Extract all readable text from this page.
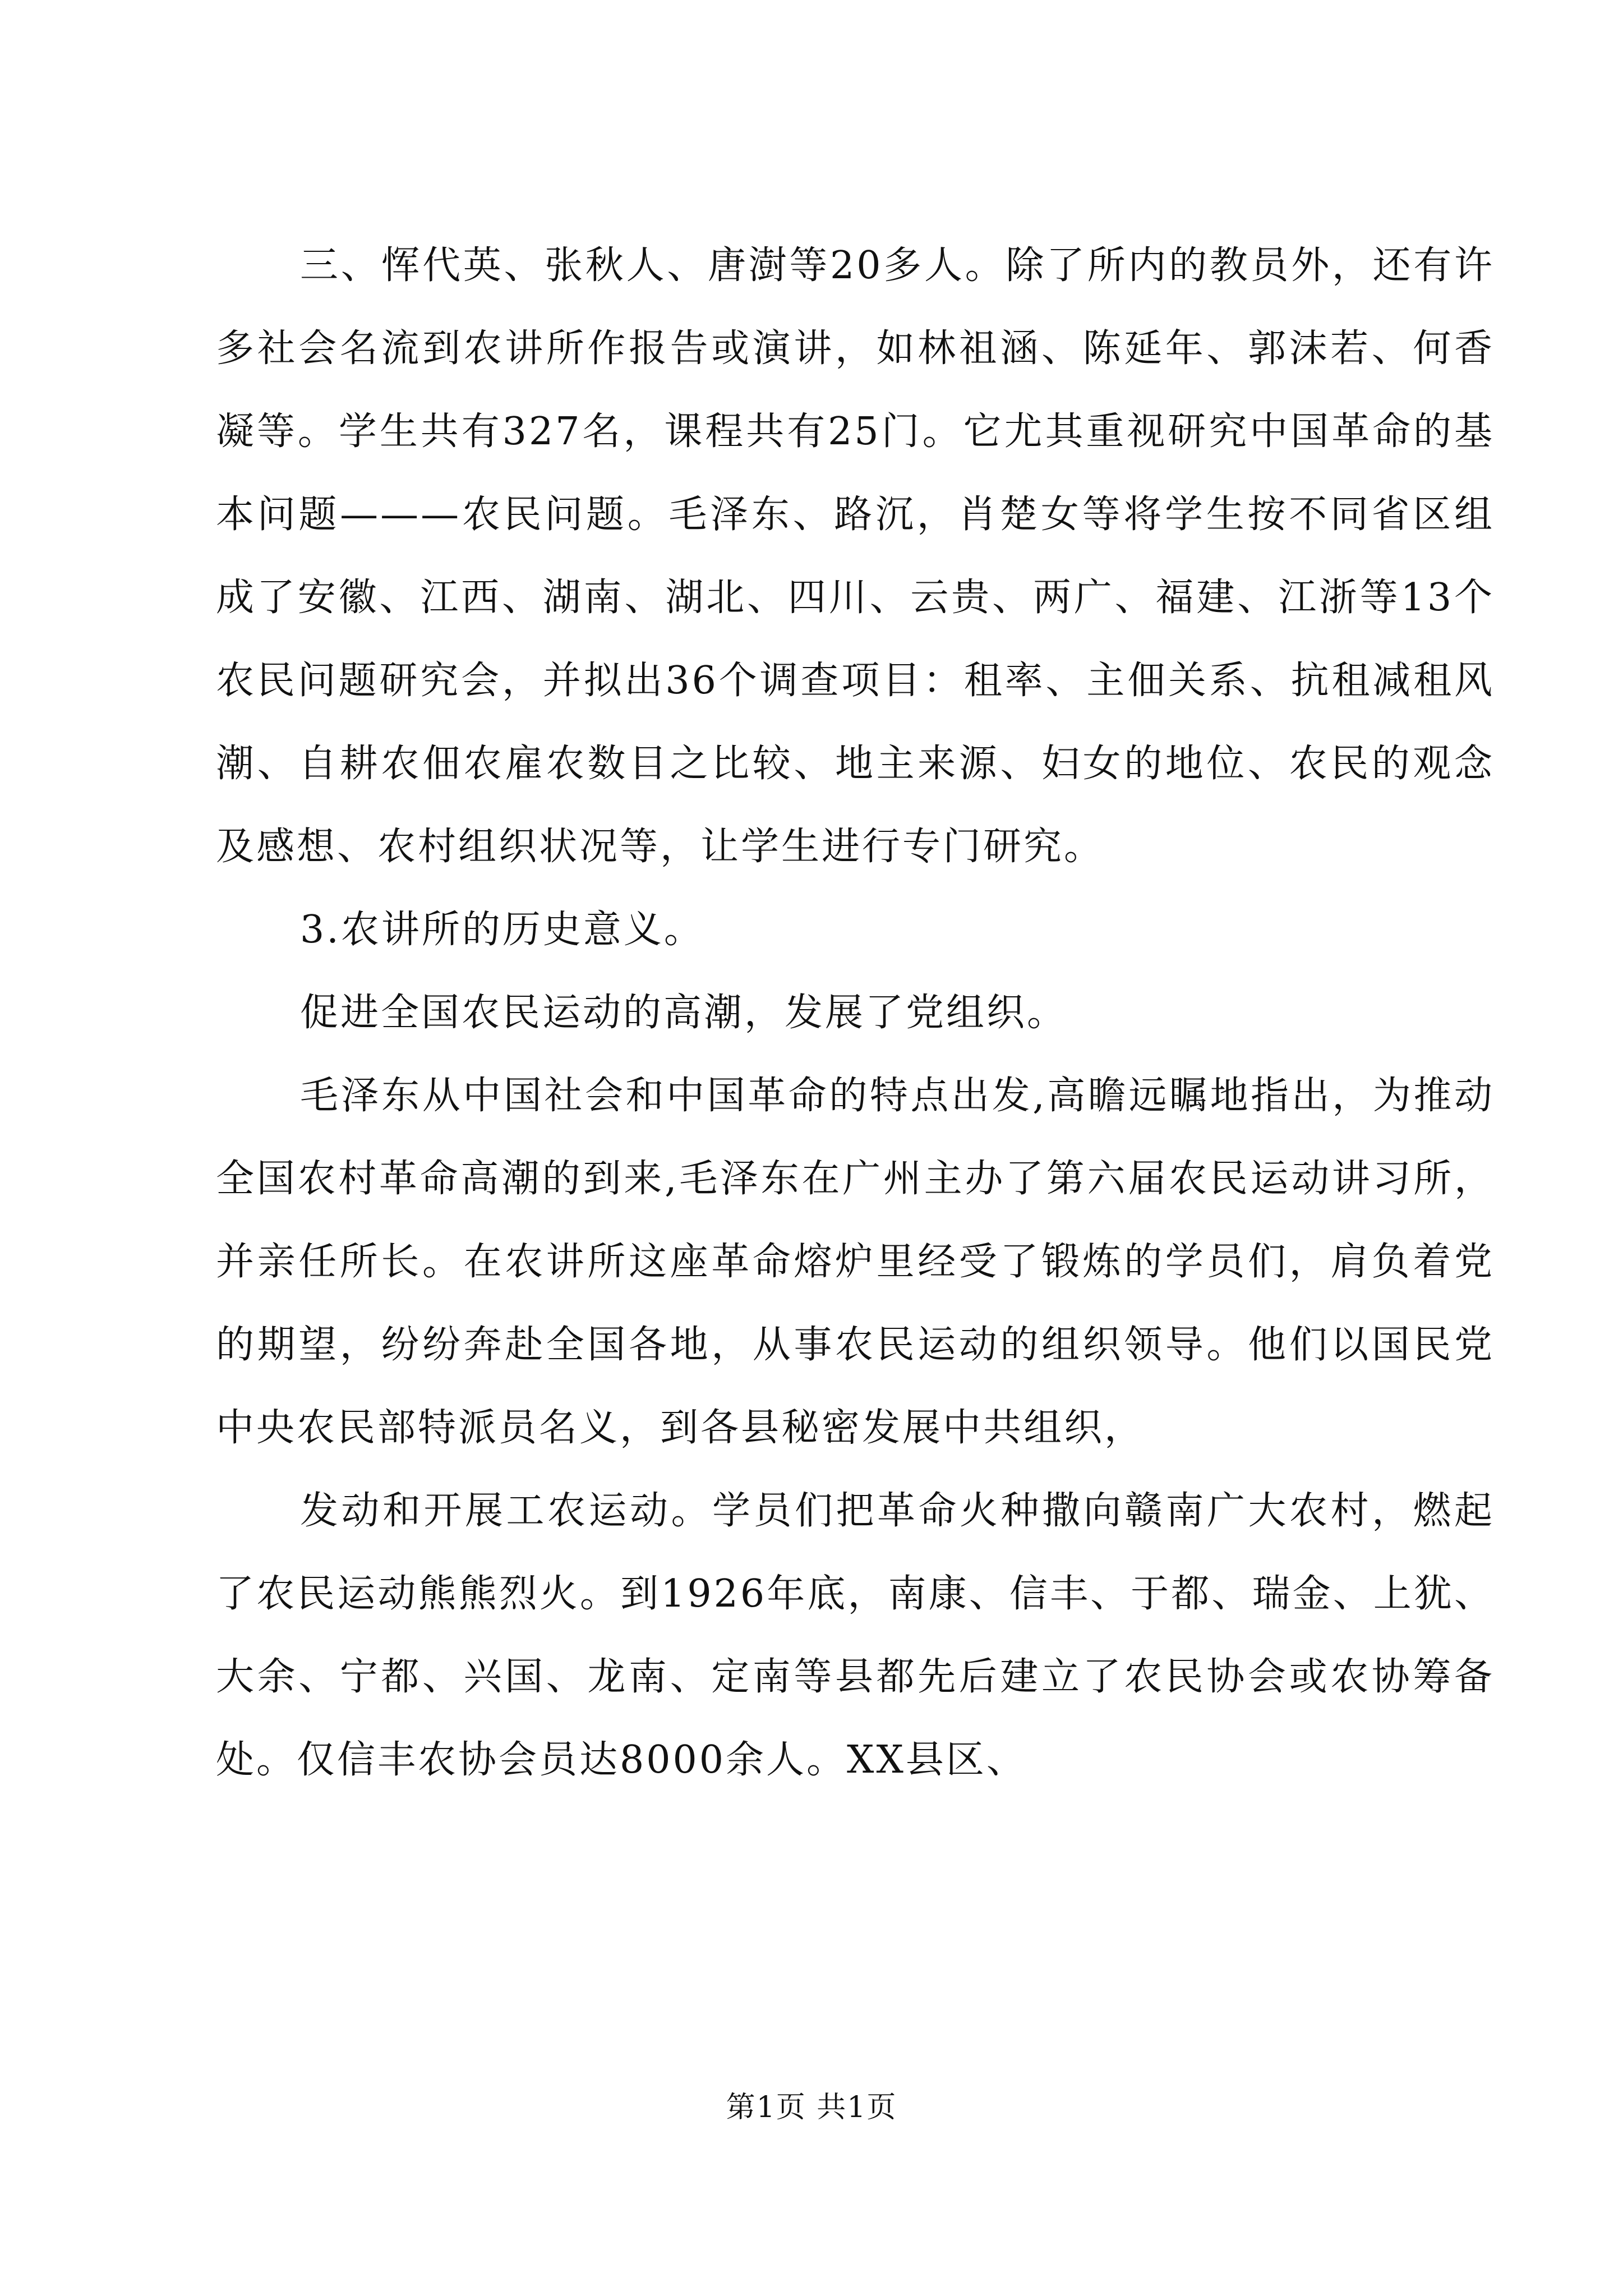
三、恽代英、张秋人、唐澍等20多人。除了所内的教员外，还有许多社会名流到农讲所作报告或演讲，如林祖涵、陈延年、郭沫若、何香凝等。学生共有327名，课程共有25门。它尤其重视研究中国革命的基本问题———农民问题。毛泽东、路沉，肖楚女等将学生按不同省区组成了安徽、江西、湖南、湖北、四川、云贵、两广、福建、江浙等13个农民问题研究会，并拟出36个调查项目：租率、主佃关系、抗租减租风潮、自耕农佃农雇农数目之比较、地主来源、妇女的地位、农民的观念及感想、农村组织状况等，让学生进行专门研究。

3.农讲所的历史意义。

促进全国农民运动的高潮，发展了党组织。

毛泽东从中国社会和中国革命的特点出发,高瞻远瞩地指出，为推动全国农村革命高潮的到来,毛泽东在广州主办了第六届农民运动讲习所，并亲任所长。在农讲所这座革命熔炉里经受了锻炼的学员们，肩负着党的期望，纷纷奔赴全国各地，从事农民运动的组织领导。他们以国民党中央农民部特派员名义，到各县秘密发展中共组织，

发动和开展工农运动。学员们把革命火种撒向赣南广大农村，燃起了农民运动熊熊烈火。到1926年底，南康、信丰、于都、瑞金、上犹、大余、宁都、兴国、龙南、定南等县都先后建立了农民协会或农协筹备处。仅信丰农协会员达8000余人。XX县区、

第1页 共1页
